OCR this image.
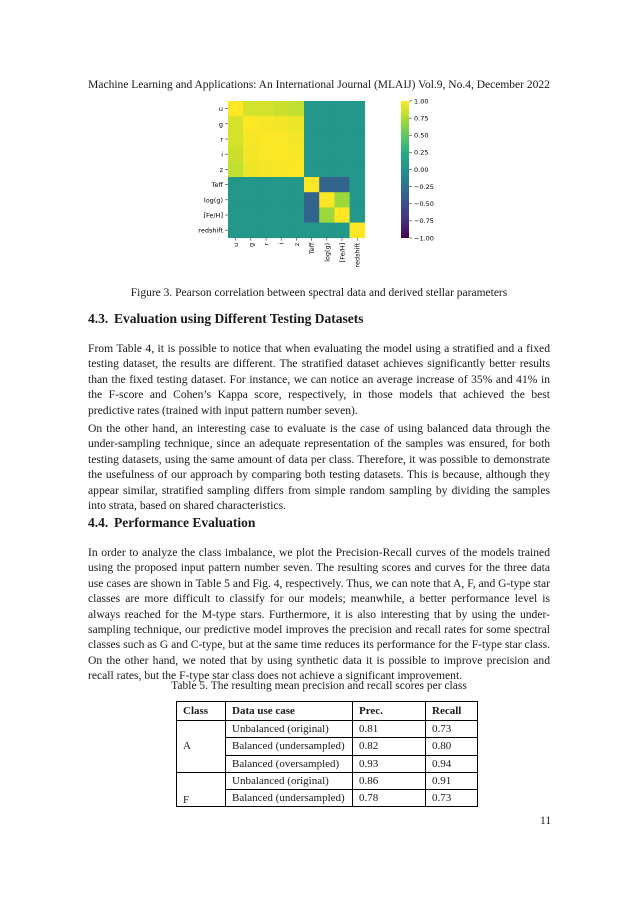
Machine Learning and Applications: An International Journal (MLAIJ) Vol.9, No.4, December 2022
u
g
r
i
z
Teff
log(g)
[Fe/H]
redshift
u g r i z Teff log(g) [Fe/H] redshift
1.00
0.75
0.50
0.25
0.00
−0.25
−0.50
−0.75
−1.00
Figure 3. Pearson correlation between spectral data and derived stellar parameters
4.3. Evaluation using Different Testing Datasets

From Table 4, it is possible to notice that when evaluating the model using a stratified and a fixed testing dataset, the results are different. The stratified dataset achieves significantly better results than the fixed testing dataset. For instance, we can notice an average increase of 35% and 41% in the F-score and Cohen’s Kappa score, respectively, in those models that achieved the best predictive rates (trained with input pattern number seven).

On the other hand, an interesting case to evaluate is the case of using balanced data through the under-sampling technique, since an adequate representation of the samples was ensured, for both testing datasets, using the same amount of data per class. Therefore, it was possible to demonstrate the usefulness of our approach by comparing both testing datasets. This is because, although they appear similar, stratified sampling differs from simple random sampling by dividing the samples into strata, based on shared characteristics.

4.4. Performance Evaluation

In order to analyze the class imbalance, we plot the Precision-Recall curves of the models trained using the proposed input pattern number seven. The resulting scores and curves for the three data use cases are shown in Table 5 and Fig. 4, respectively. Thus, we can note that A, F, and G-type star classes are more difficult to classify for our models; meanwhile, a better performance level is always reached for the M-type stars. Furthermore, it is also interesting that by using the under-sampling technique, our predictive model improves the precision and recall rates for some spectral classes such as G and C-type, but at the same time reduces its performance for the F-type star class. On the other hand, we noted that by using synthetic data it is possible to improve precision and recall rates, but the F-type star class does not achieve a significant improvement.

Table 5. The resulting mean precision and recall scores per class
Class	Data use case	Prec.	Recall
A	Unbalanced (original)	0.81	0.73
	Balanced (undersampled)	0.82	0.80
	Balanced (oversampled)	0.93	0.94
F	Unbalanced (original)	0.86	0.91
	Balanced (undersampled)	0.78	0.73
11
